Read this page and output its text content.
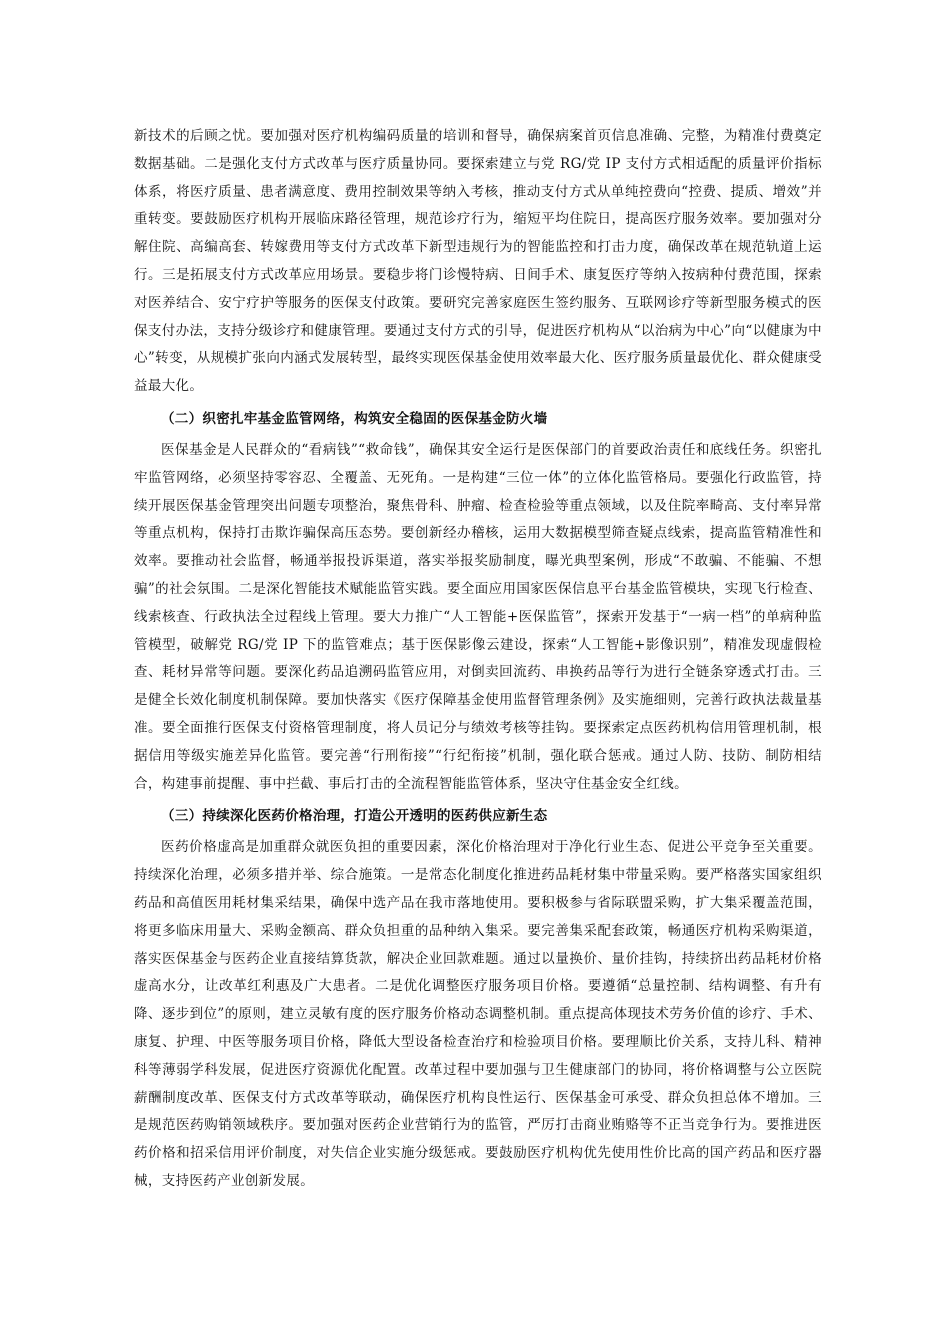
新技术的后顾之忧。要加强对医疗机构编码质量的培训和督导，确保病案首页信息准确、完整，为精准付费奠定数据基础。二是强化支付方式改革与医疗质量协同。要探索建立与党 RG/党 IP 支付方式相适配的质量评价指标体系，将医疗质量、患者满意度、费用控制效果等纳入考核，推动支付方式从单纯控费向“控费、提质、增效”并重转变。要鼓励医疗机构开展临床路径管理，规范诊疗行为，缩短平均住院日，提高医疗服务效率。要加强对分解住院、高编高套、转嫁费用等支付方式改革下新型违规行为的智能监控和打击力度，确保改革在规范轨道上运行。三是拓展支付方式改革应用场景。要稳步将门诊慢特病、日间手术、康复医疗等纳入按病种付费范围，探索对医养结合、安宁疗护等服务的医保支付政策。要研究完善家庭医生签约服务、互联网诊疗等新型服务模式的医保支付办法，支持分级诊疗和健康管理。要通过支付方式的引导，促进医疗机构从“以治病为中心”向“以健康为中心”转变，从规模扩张向内涵式发展转型，最终实现医保基金使用效率最大化、医疗服务质量最优化、群众健康受益最大化。

（二）织密扎牢基金监管网络，构筑安全稳固的医保基金防火墙

医保基金是人民群众的“看病钱”“救命钱”，确保其安全运行是医保部门的首要政治责任和底线任务。织密扎牢监管网络，必须坚持零容忍、全覆盖、无死角。一是构建“三位一体”的立体化监管格局。要强化行政监管，持续开展医保基金管理突出问题专项整治，聚焦骨科、肿瘤、检查检验等重点领域，以及住院率畸高、支付率异常等重点机构，保持打击欺诈骗保高压态势。要创新经办稽核，运用大数据模型筛查疑点线索，提高监管精准性和效率。要推动社会监督，畅通举报投诉渠道，落实举报奖励制度，曝光典型案例，形成“不敢骗、不能骗、不想骗”的社会氛围。二是深化智能技术赋能监管实践。要全面应用国家医保信息平台基金监管模块，实现飞行检查、线索核查、行政执法全过程线上管理。要大力推广“人工智能+医保监管”，探索开发基于“一病一档”的单病种监管模型，破解党 RG/党 IP 下的监管难点；基于医保影像云建设，探索“人工智能+影像识别”，精准发现虚假检查、耗材异常等问题。要深化药品追溯码监管应用，对倒卖回流药、串换药品等行为进行全链条穿透式打击。三是健全长效化制度机制保障。要加快落实《医疗保障基金使用监督管理条例》及实施细则，完善行政执法裁量基准。要全面推行医保支付资格管理制度，将人员记分与绩效考核等挂钩。要探索定点医药机构信用管理机制，根据信用等级实施差异化监管。要完善“行刑衔接”“行纪衔接”机制，强化联合惩戒。通过人防、技防、制防相结合，构建事前提醒、事中拦截、事后打击的全流程智能监管体系，坚决守住基金安全红线。

（三）持续深化医药价格治理，打造公开透明的医药供应新生态

医药价格虚高是加重群众就医负担的重要因素，深化价格治理对于净化行业生态、促进公平竞争至关重要。持续深化治理，必须多措并举、综合施策。一是常态化制度化推进药品耗材集中带量采购。要严格落实国家组织药品和高值医用耗材集采结果，确保中选产品在我市落地使用。要积极参与省际联盟采购，扩大集采覆盖范围，将更多临床用量大、采购金额高、群众负担重的品种纳入集采。要完善集采配套政策，畅通医疗机构采购渠道，落实医保基金与医药企业直接结算货款，解决企业回款难题。通过以量换价、量价挂钩，持续挤出药品耗材价格虚高水分，让改革红利惠及广大患者。二是优化调整医疗服务项目价格。要遵循“总量控制、结构调整、有升有降、逐步到位”的原则，建立灵敏有度的医疗服务价格动态调整机制。重点提高体现技术劳务价值的诊疗、手术、康复、护理、中医等服务项目价格，降低大型设备检查治疗和检验项目价格。要理顺比价关系，支持儿科、精神科等薄弱学科发展，促进医疗资源优化配置。改革过程中要加强与卫生健康部门的协同，将价格调整与公立医院薪酬制度改革、医保支付方式改革等联动，确保医疗机构良性运行、医保基金可承受、群众负担总体不增加。三是规范医药购销领域秩序。要加强对医药企业营销行为的监管，严厉打击商业贿赂等不正当竞争行为。要推进医药价格和招采信用评价制度，对失信企业实施分级惩戒。要鼓励医疗机构优先使用性价比高的国产药品和医疗器械，支持医药产业创新发展。
